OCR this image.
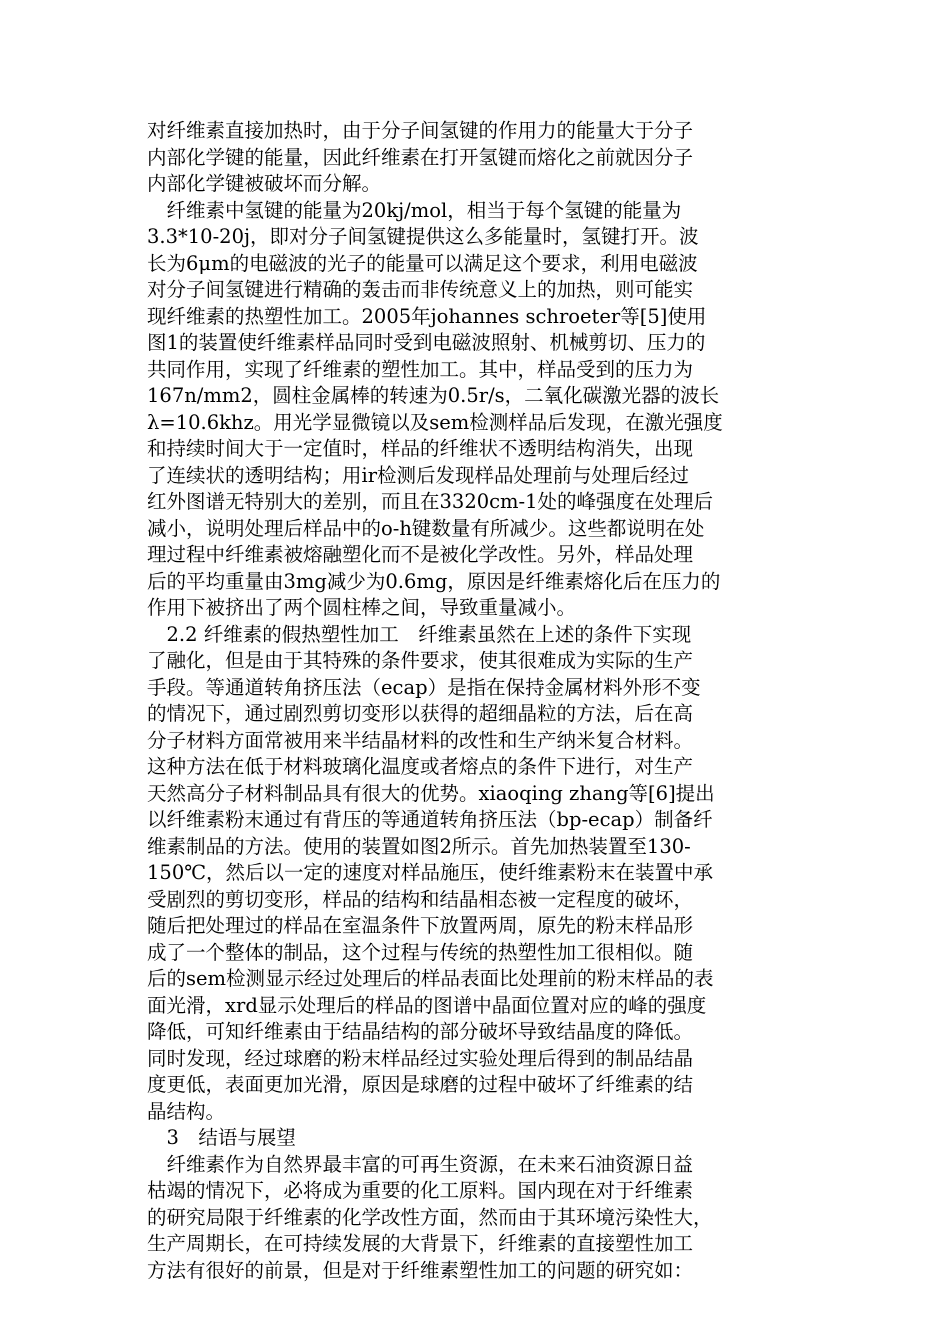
对纤维素直接加热时，由于分子间氢键的作用力的能量大于分子
内部化学键的能量，因此纤维素在打开氢键而熔化之前就因分子
内部化学键被破坏而分解。
　纤维素中氢键的能量为20kj/mol，相当于每个氢键的能量为
3.3*10-20j，即对分子间氢键提供这么多能量时，氢键打开。波
长为6μm的电磁波的光子的能量可以满足这个要求，利用电磁波
对分子间氢键进行精确的轰击而非传统意义上的加热，则可能实
现纤维素的热塑性加工。2005年johannes schroeter等[5]使用
图1的装置使纤维素样品同时受到电磁波照射、机械剪切、压力的
共同作用，实现了纤维素的塑性加工。其中，样品受到的压力为
167n/mm2，圆柱金属棒的转速为0.5r/s，二氧化碳激光器的波长
λ=10.6khz。用光学显微镜以及sem检测样品后发现，在激光强度
和持续时间大于一定值时，样品的纤维状不透明结构消失，出现
了连续状的透明结构；用ir检测后发现样品处理前与处理后经过
红外图谱无特别大的差别，而且在3320cm-1处的峰强度在处理后
减小，说明处理后样品中的o-h键数量有所减少。这些都说明在处
理过程中纤维素被熔融塑化而不是被化学改性。另外，样品处理
后的平均重量由3mg减少为0.6mg，原因是纤维素熔化后在压力的
作用下被挤出了两个圆柱棒之间，导致重量减小。
　2.2 纤维素的假热塑性加工　纤维素虽然在上述的条件下实现
了融化，但是由于其特殊的条件要求，使其很难成为实际的生产
手段。等通道转角挤压法（ecap）是指在保持金属材料外形不变
的情况下，通过剧烈剪切变形以获得的超细晶粒的方法，后在高
分子材料方面常被用来半结晶材料的改性和生产纳米复合材料。
这种方法在低于材料玻璃化温度或者熔点的条件下进行，对生产
天然高分子材料制品具有很大的优势。xiaoqing zhang等[6]提出
以纤维素粉末通过有背压的等通道转角挤压法（bp-ecap）制备纤
维素制品的方法。使用的装置如图2所示。首先加热装置至130-
150℃，然后以一定的速度对样品施压，使纤维素粉末在装置中承
受剧烈的剪切变形，样品的结构和结晶相态被一定程度的破坏，
随后把处理过的样品在室温条件下放置两周，原先的粉末样品形
成了一个整体的制品，这个过程与传统的热塑性加工很相似。随
后的sem检测显示经过处理后的样品表面比处理前的粉末样品的表
面光滑，xrd显示处理后的样品的图谱中晶面位置对应的峰的强度
降低，可知纤维素由于结晶结构的部分破坏导致结晶度的降低。
同时发现，经过球磨的粉末样品经过实验处理后得到的制品结晶
度更低，表面更加光滑，原因是球磨的过程中破坏了纤维素的结
晶结构。
　3　结语与展望
　纤维素作为自然界最丰富的可再生资源，在未来石油资源日益
枯竭的情况下，必将成为重要的化工原料。国内现在对于纤维素
的研究局限于纤维素的化学改性方面，然而由于其环境污染性大，
生产周期长，在可持续发展的大背景下，纤维素的直接塑性加工
方法有很好的前景，但是对于纤维素塑性加工的问题的研究如：
